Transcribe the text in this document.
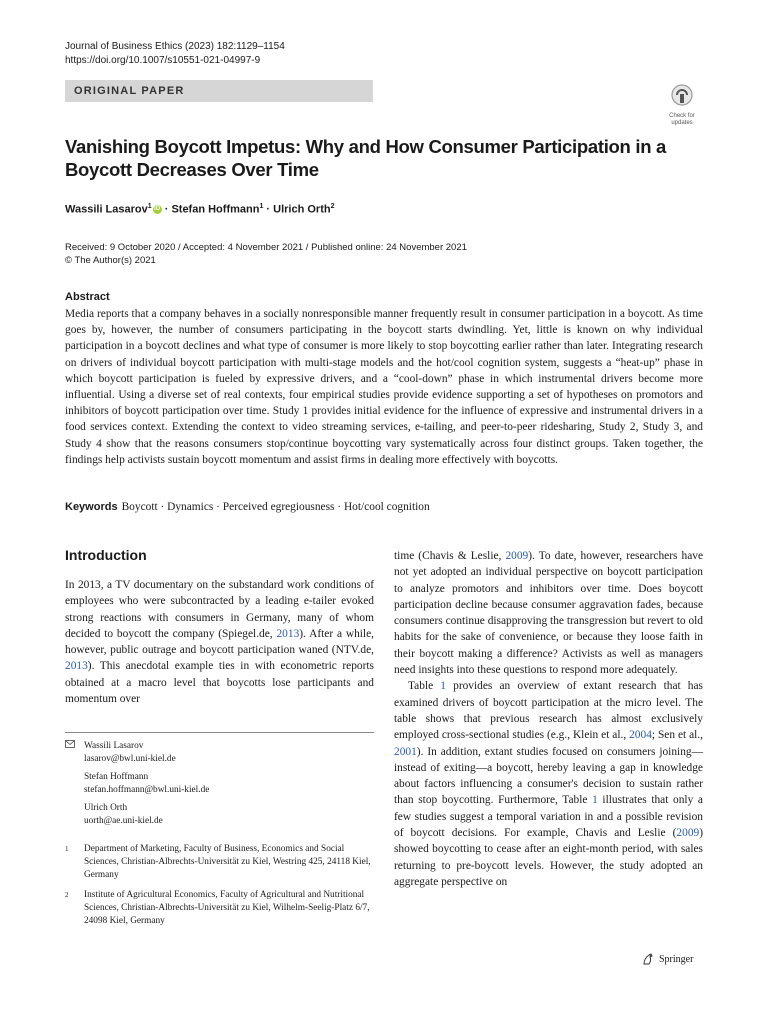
Journal of Business Ethics (2023) 182:1129–1154
https://doi.org/10.1007/s10551-021-04997-9
ORIGINAL PAPER
Check for
updates
Vanishing Boycott Impetus: Why and How Consumer Participation in a Boycott Decreases Over Time
Wassili Lasarov$^1$ iD · Stefan Hoffmann$^1$ · Ulrich Orth$^2$
Received: 9 October 2020 / Accepted: 4 November 2021 / Published online: 24 November 2021
© The Author(s) 2021
Abstract

Media reports that a company behaves in a socially nonresponsible manner frequently result in consumer participation in a boycott. As time goes by, however, the number of consumers participating in the boycott starts dwindling. Yet, little is known on why individual participation in a boycott declines and what type of consumer is more likely to stop boycotting earlier rather than later. Integrating research on drivers of individual boycott participation with multi-stage models and the hot/cool cognition system, suggests a “heat-up” phase in which boycott participation is fueled by expressive drivers, and a “cool-down” phase in which instrumental drivers become more influential. Using a diverse set of real contexts, four empirical studies provide evidence supporting a set of hypotheses on promotors and inhibitors of boycott participation over time. Study 1 provides initial evidence for the influence of expressive and instrumental drivers in a food services context. Extending the context to video streaming services, e-tailing, and peer-to-peer ridesharing, Study 2, Study 3, and Study 4 show that the reasons consumers stop/continue boycotting vary systematically across four distinct groups. Taken together, the findings help activists sustain boycott momentum and assist firms in dealing more effectively with boycotts.

Keywords Boycott · Dynamics · Perceived egregiousness · Hot/cool cognition
Introduction

In 2013, a TV documentary on the substandard work conditions of employees who were subcontracted by a leading e-tailer evoked strong reactions with consumers in Germany, many of whom decided to boycott the company (Spiegel.de, 2013). After a while, however, public outrage and boycott participation waned (NTV.de, 2013). This anecdotal example ties in with econometric reports obtained at a macro level that boycotts lose participants and momentum over

Wassili Lasarov
lasarov@bwl.uni-kiel.de
Stefan Hoffmann
stefan.hoffmann@bwl.uni-kiel.de
Ulrich Orth
uorth@ae.uni-kiel.de
1	Department of Marketing, Faculty of Business, Economics and Social Sciences, Christian-Albrechts-Universität zu Kiel, Westring 425, 24118 Kiel, Germany
2	Institute of Agricultural Economics, Faculty of Agricultural and Nutritional Sciences, Christian-Albrechts-Universität zu Kiel, Wilhelm-Seelig-Platz 6/7, 24098 Kiel, Germany

time (Chavis & Leslie, 2009). To date, however, researchers have not yet adopted an individual perspective on boycott participation to analyze promotors and inhibitors over time. Does boycott participation decline because consumer aggravation fades, because consumers continue disapproving the transgression but revert to old habits for the sake of convenience, or because they loose faith in their boycott making a difference? Activists as well as managers need insights into these questions to respond more adequately.

Table 1 provides an overview of extant research that has examined drivers of boycott participation at the micro level. The table shows that previous research has almost exclusively employed cross-sectional studies (e.g., Klein et al., 2004; Sen et al., 2001). In addition, extant studies focused on consumers joining—instead of exiting—a boycott, hereby leaving a gap in knowledge about factors influencing a consumer's decision to sustain rather than stop boycotting. Furthermore, Table 1 illustrates that only a few studies suggest a temporal variation in and a possible revision of boycott decisions. For example, Chavis and Leslie (2009) showed boycotting to cease after an eight-month period, with sales returning to pre-boycott levels. However, the study adopted an aggregate perspective on

Springer
